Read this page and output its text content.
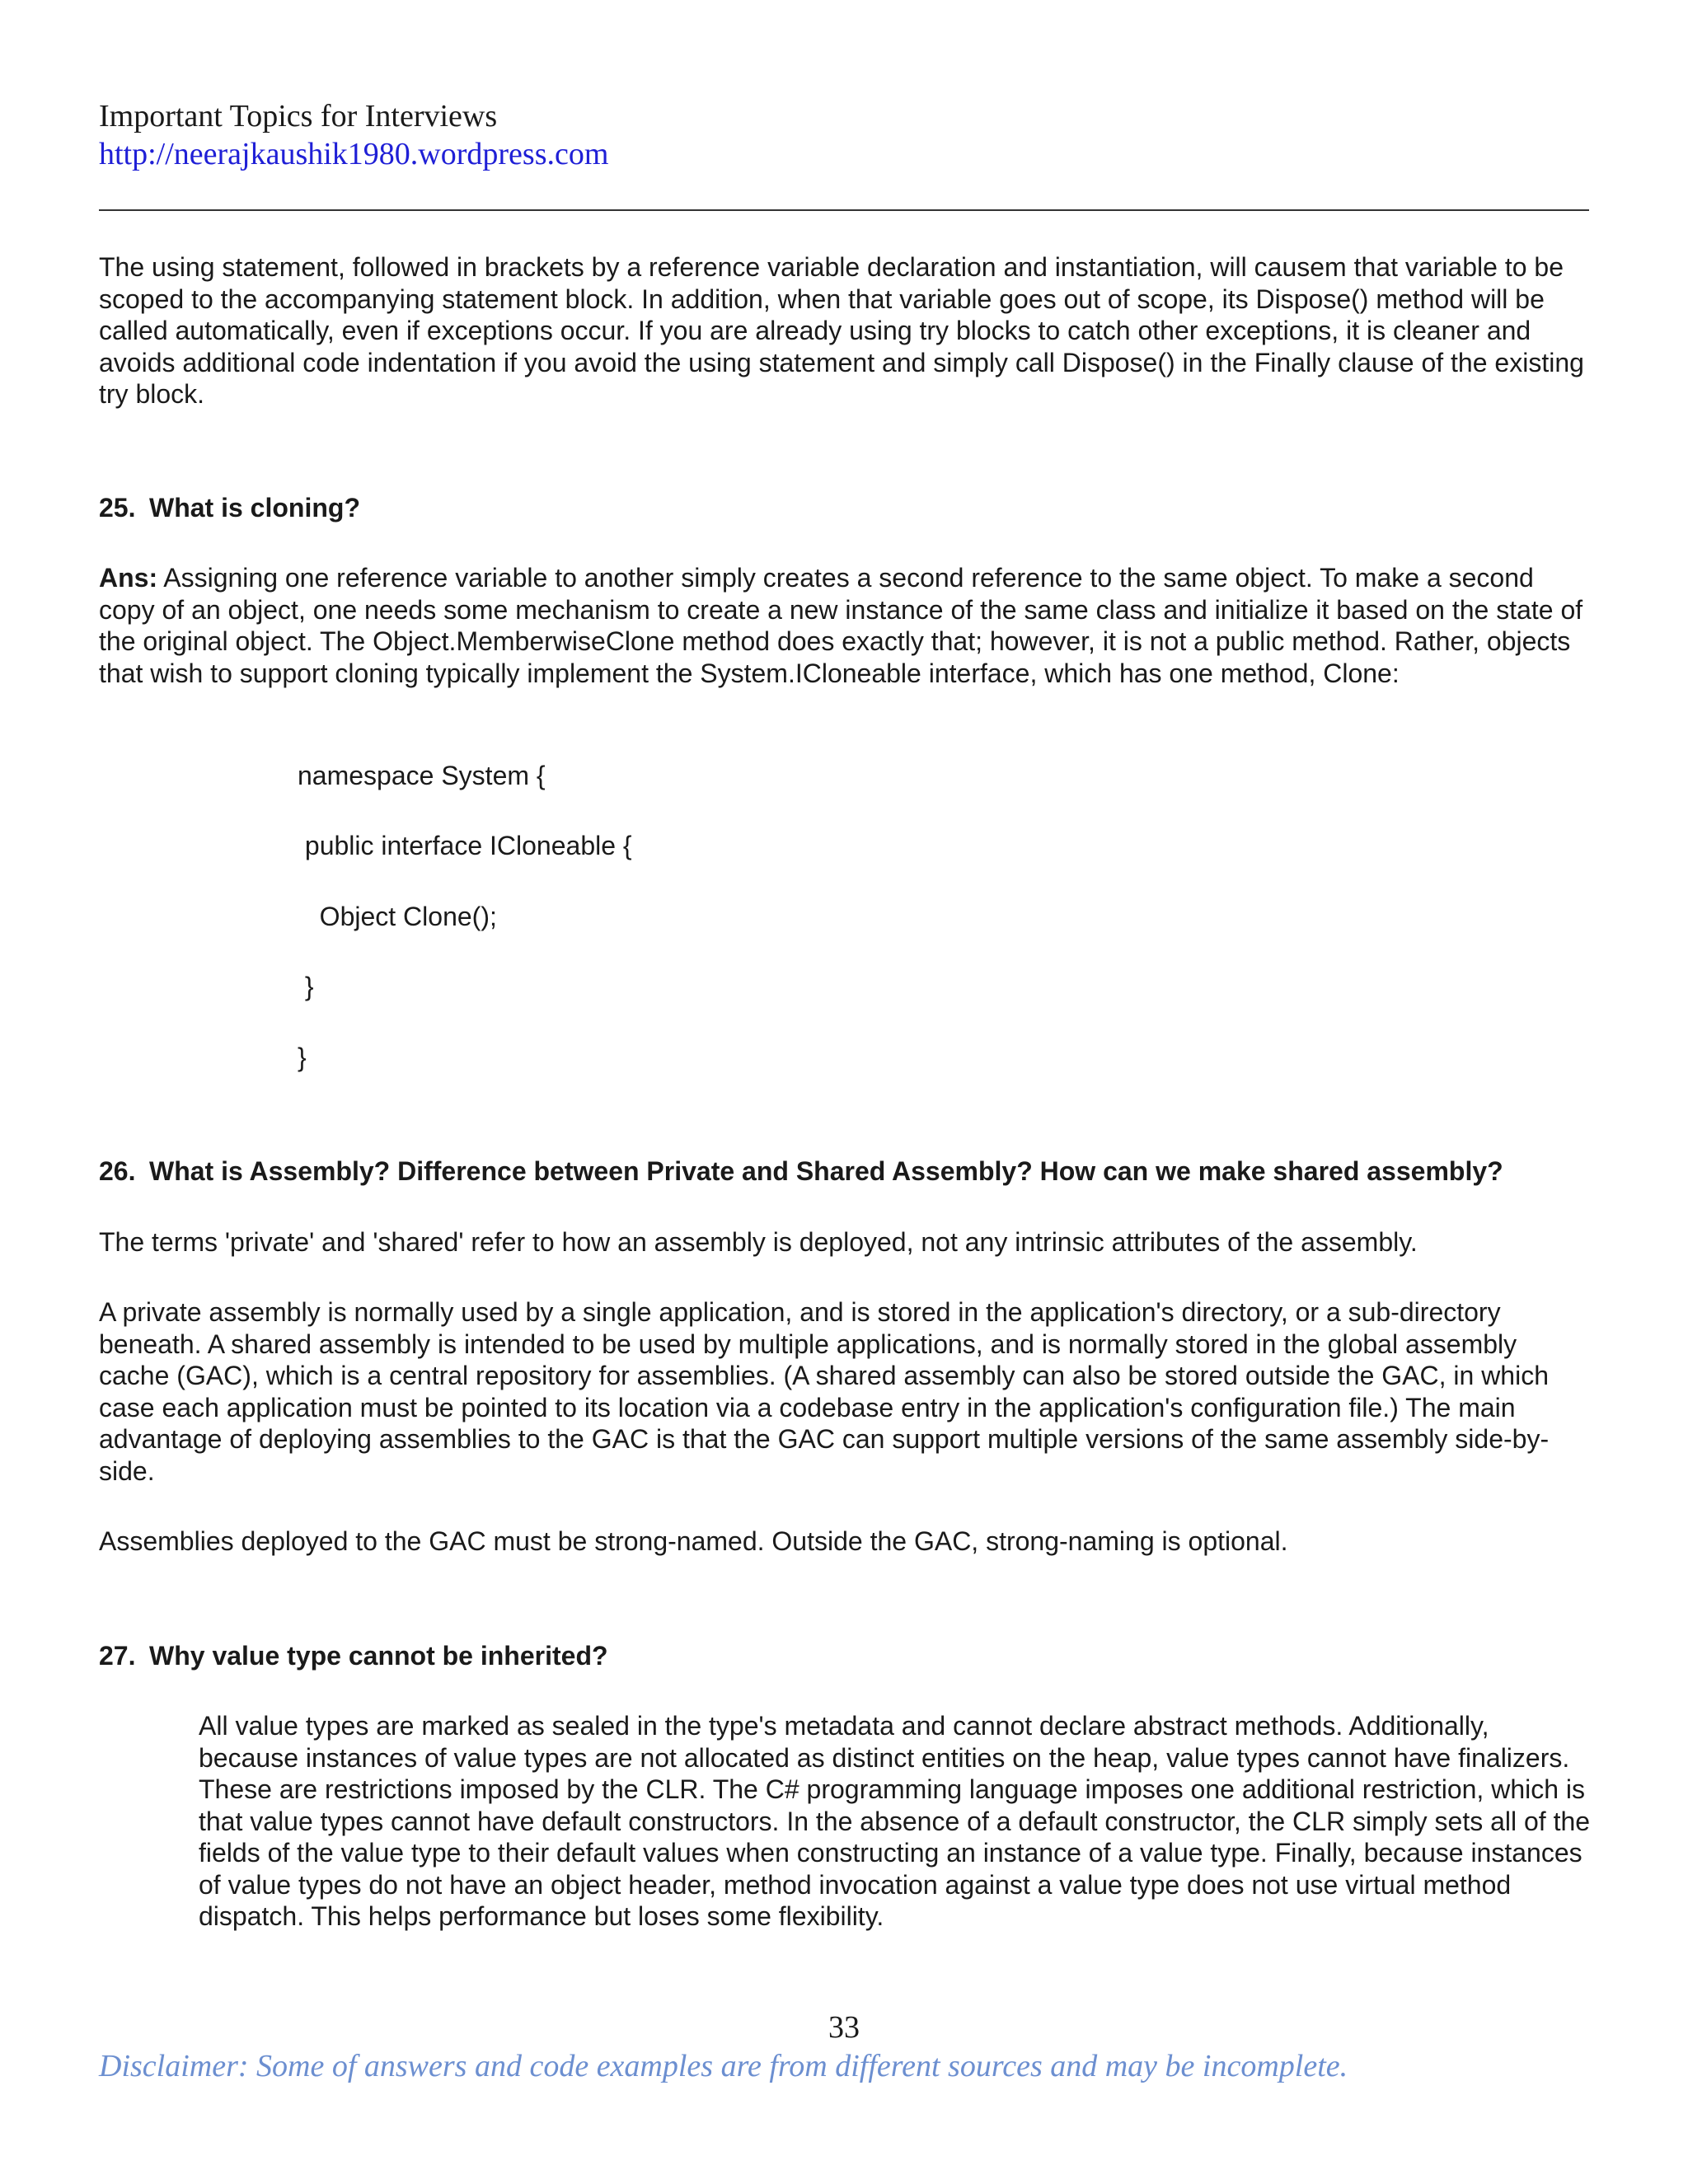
Important Topics for Interviews
http://neerajkaushik1980.wordpress.com

The using statement, followed in brackets by a reference variable declaration and instantiation, will causem that variable to be scoped to the accompanying statement block. In addition, when that variable goes out of scope, its Dispose() method will be called automatically, even if exceptions occur. If you are already using try blocks to catch other exceptions, it is cleaner and avoids additional code indentation if you avoid the using statement and simply call Dispose() in the Finally clause of the existing try block.

25. What is cloning?

Ans: Assigning one reference variable to another simply creates a second reference to the same object. To make a second copy of an object, one needs some mechanism to create a new instance of the same class and initialize it based on the state of the original object. The Object.MemberwiseClone method does exactly that; however, it is not a public method. Rather, objects that wish to support cloning typically implement the System.ICloneable interface, which has one method, Clone:

namespace System {
public interface ICloneable {
Object Clone();
}
}
26. What is Assembly? Difference between Private and Shared Assembly? How can we make shared assembly?

The terms 'private' and 'shared' refer to how an assembly is deployed, not any intrinsic attributes of the assembly.

A private assembly is normally used by a single application, and is stored in the application's directory, or a sub-directory beneath. A shared assembly is intended to be used by multiple applications, and is normally stored in the global assembly cache (GAC), which is a central repository for assemblies. (A shared assembly can also be stored outside the GAC, in which case each application must be pointed to its location via a codebase entry in the application's configuration file.) The main advantage of deploying assemblies to the GAC is that the GAC can support multiple versions of the same assembly side-by-side.

Assemblies deployed to the GAC must be strong-named. Outside the GAC, strong-naming is optional.

27. Why value type cannot be inherited?

All value types are marked as sealed in the type's metadata and cannot declare abstract methods. Additionally, because instances of value types are not allocated as distinct entities on the heap, value types cannot have finalizers. These are restrictions imposed by the CLR. The C# programming language imposes one additional restriction, which is that value types cannot have default constructors. In the absence of a default constructor, the CLR simply sets all of the fields of the value type to their default values when constructing an instance of a value type. Finally, because instances of value types do not have an object header, method invocation against a value type does not use virtual method dispatch. This helps performance but loses some flexibility.

33
Disclaimer: Some of answers and code examples are from different sources and may be incomplete.
